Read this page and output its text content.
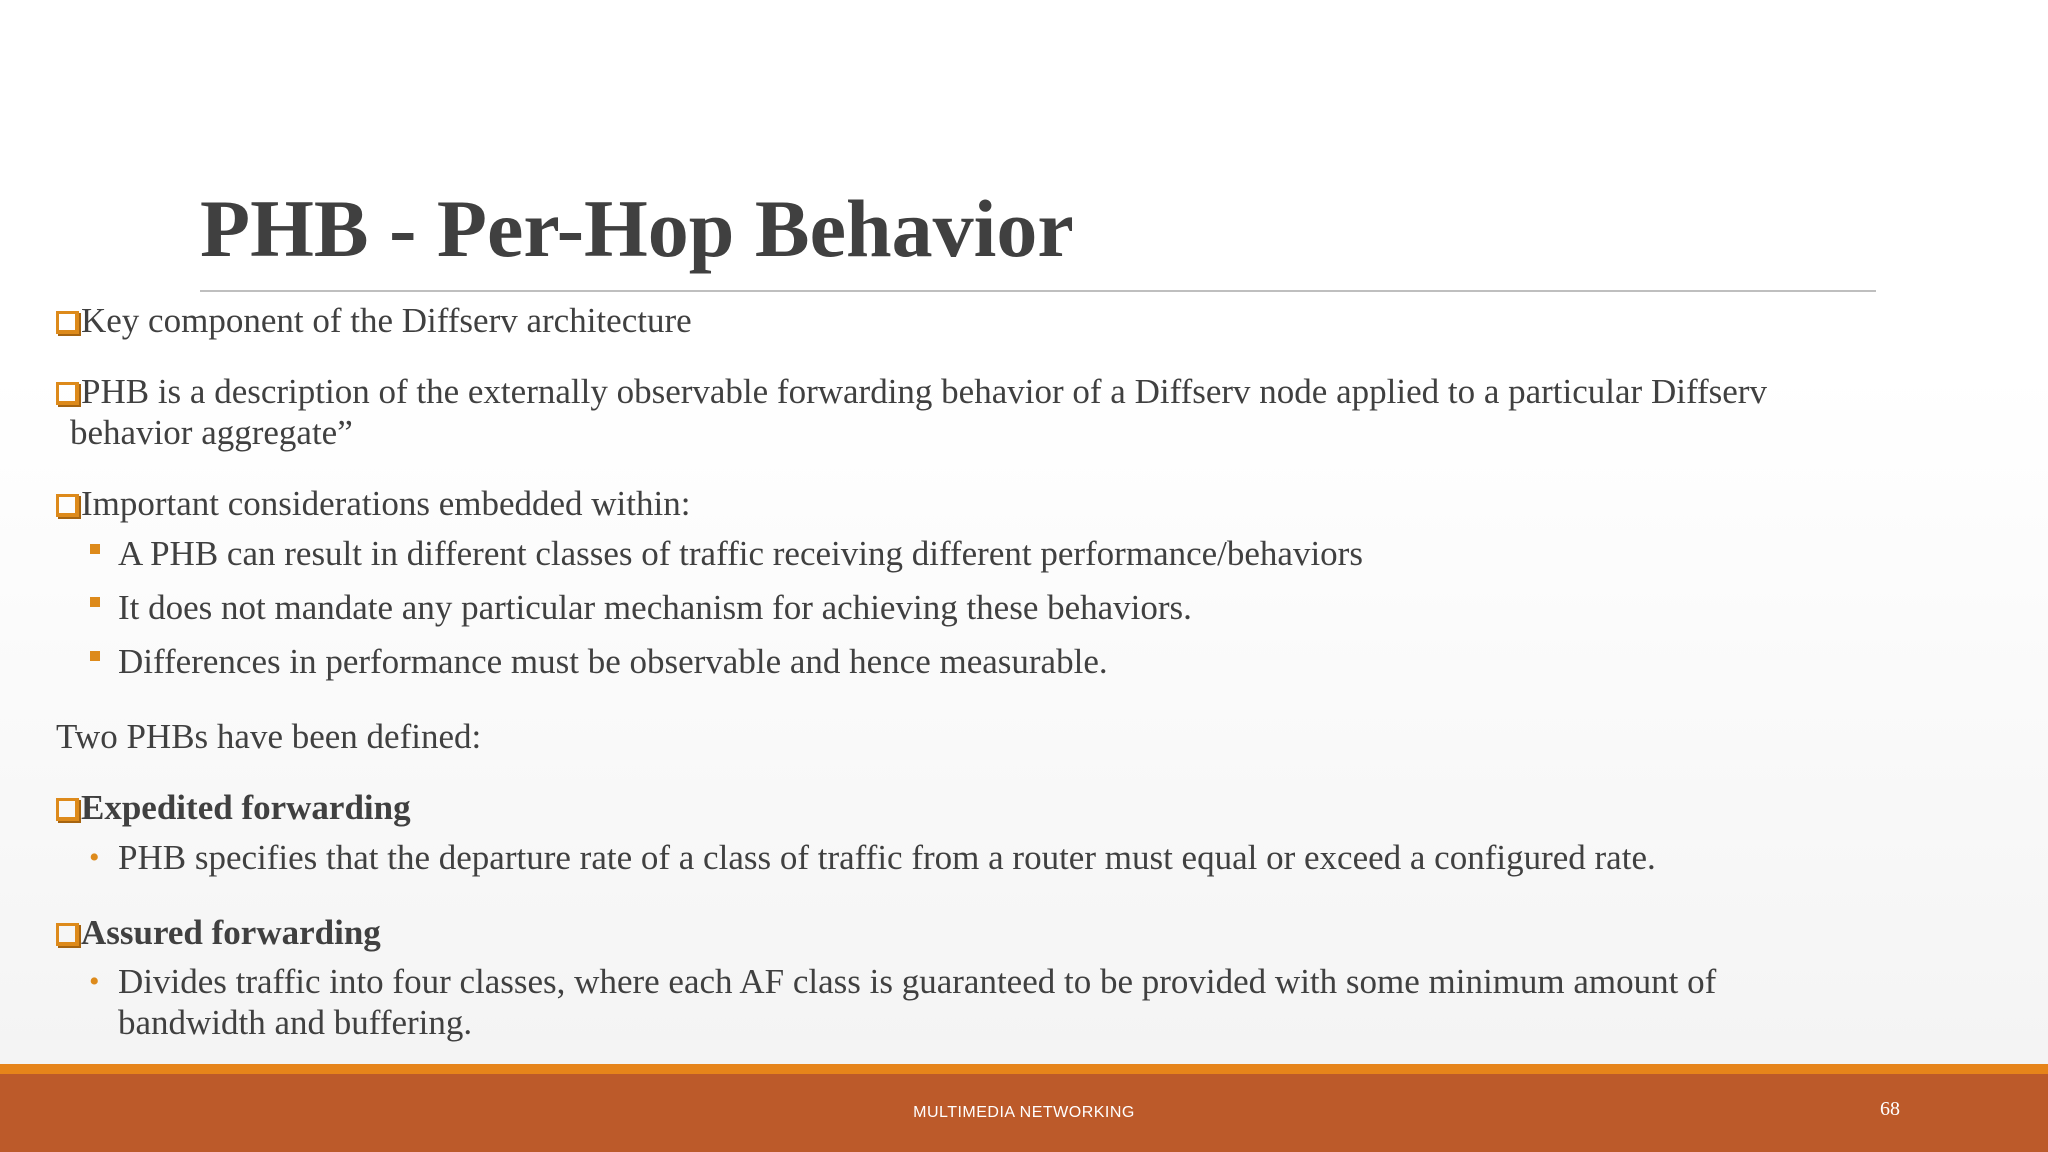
PHB - Per-Hop Behavior
Key component of the Diffserv architecture
PHB is a description of the externally observable forwarding behavior of a Diffserv node applied to a particular Diffserv
behavior aggregate”
Important considerations embedded within:
A PHB can result in different classes of traffic receiving different performance/behaviors
It does not mandate any particular mechanism for achieving these behaviors.
Differences in performance must be observable and hence measurable.
Two PHBs have been defined:
Expedited forwarding
• PHB specifies that the departure rate of a class of traffic from a router must equal or exceed a configured rate.
Assured forwarding
• Divides traffic into four classes, where each AF class is guaranteed to be provided with some minimum amount of
bandwidth and buffering.
MULTIMEDIA NETWORKING	68
